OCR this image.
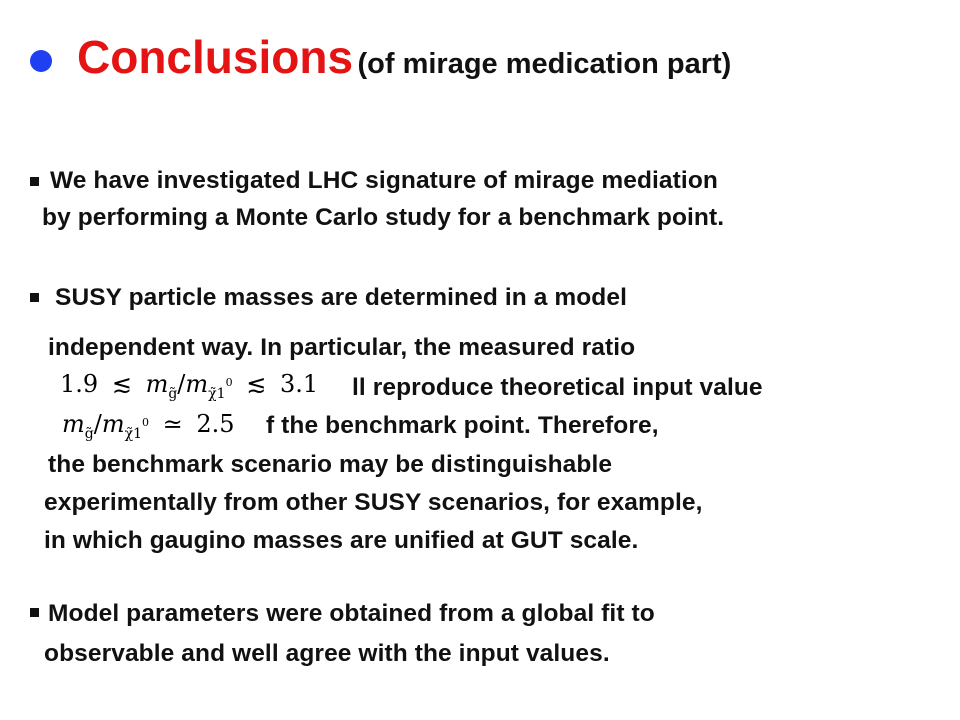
Conclusions (of mirage medication part)
We have investigated LHC signature of mirage mediation
by performing a Monte Carlo study for a benchmark point.
SUSY particle masses are determined in a model
independent way. In particular, the measured ratio
ll reproduce theoretical input value
f the benchmark point. Therefore,
the benchmark scenario may be distinguishable
experimentally from other SUSY scenarios, for example,
in which gaugino masses are unified at GUT scale.
1.9 ≲ $m_{g̃}/m_{\chĩ1}^0$ ≲ 3.1
$m_{g̃}/m_{\chĩ1}^0$ ≃ 2.5
Model parameters were obtained from a global fit to
observable and well agree with the input values.
